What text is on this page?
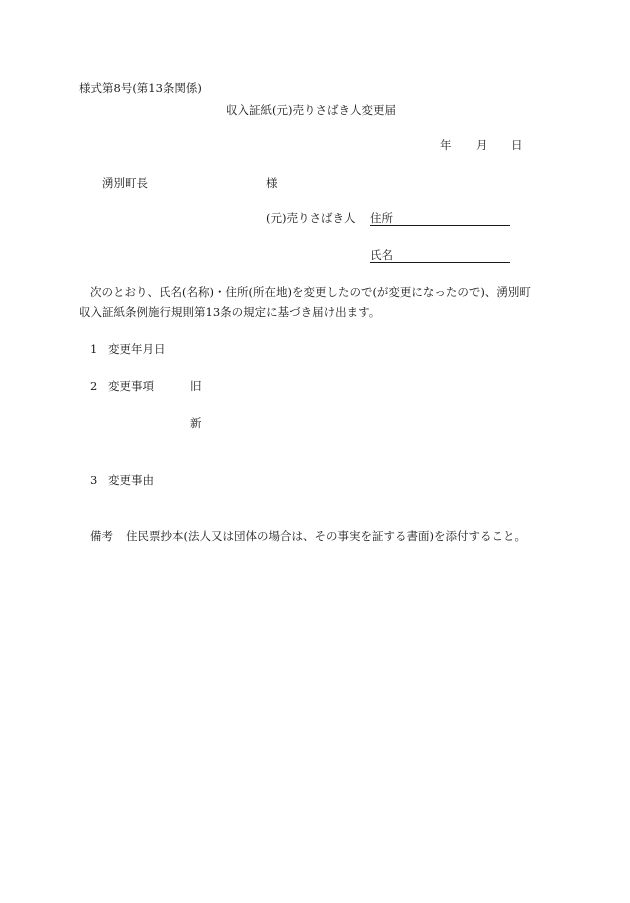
様式第8号(第13条関係)
収入証紙(元)売りさばき人変更届
年 月 日
湧別町長	様
(元)売りさばき人 住所
氏名
次のとおり、氏名(名称)・住所(所在地)を変更したので(が変更になったので)、湧別町
収入証紙条例施行規則第13条の規定に基づき届け出ます。
1 変更年月日
2 変更事項	旧
新
3 変更事由
備考 住民票抄本(法人又は団体の場合は、その事実を証する書面)を添付すること。
